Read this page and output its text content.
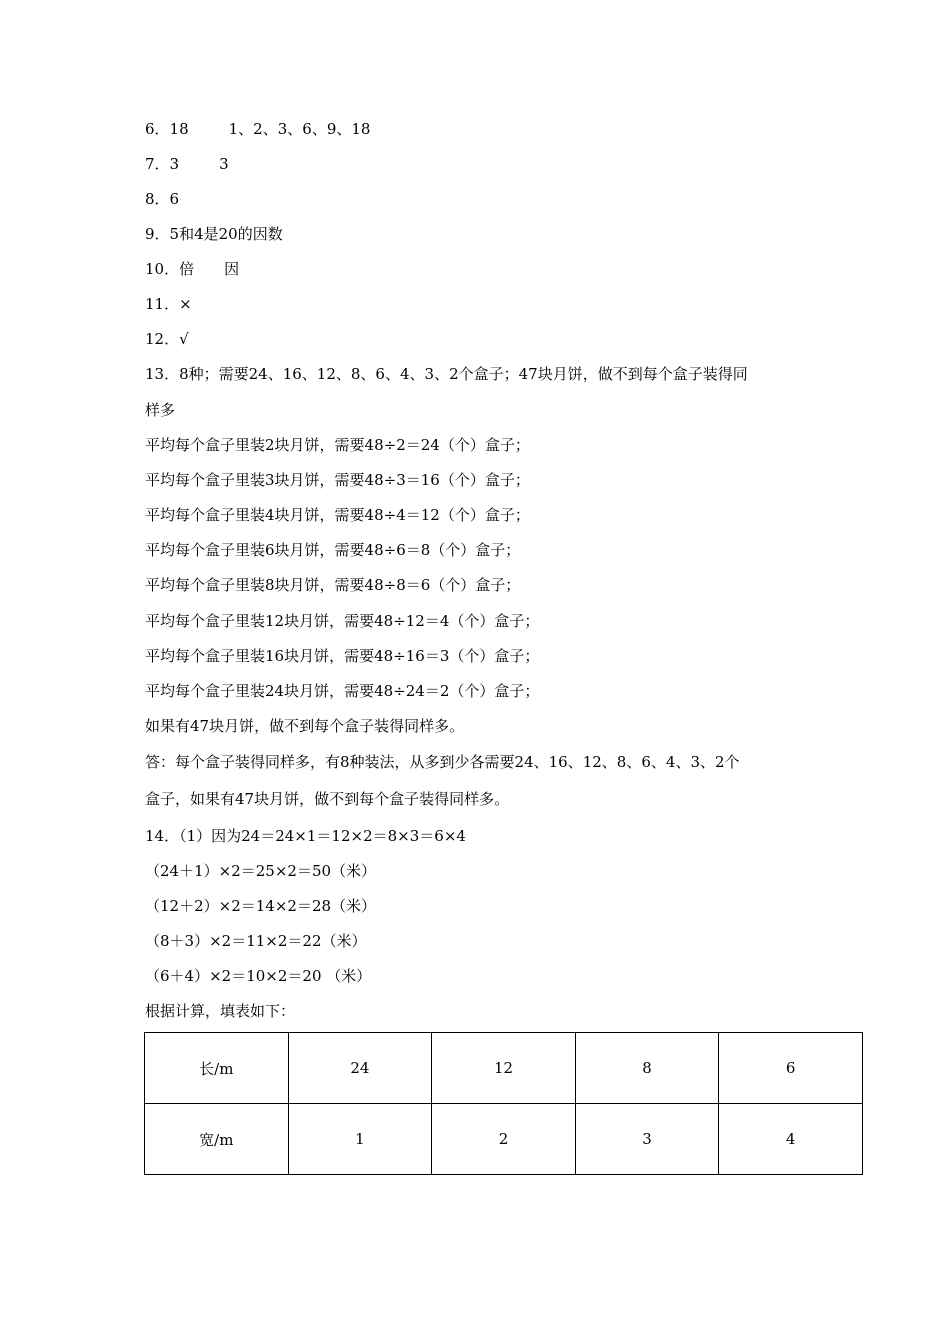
6．18	1、2、3、6、9、18
7．3	3
8．6
9．5和4是20的因数
10．倍 因
11．×
12．√
13．8种；需要24、16、12、8、6、4、3、2个盒子；47块月饼，做不到每个盒子装得同
样多
平均每个盒子里装2块月饼，需要48÷2＝24（个）盒子；
平均每个盒子里装3块月饼，需要48÷3＝16（个）盒子；
平均每个盒子里装4块月饼，需要48÷4＝12（个）盒子；
平均每个盒子里装6块月饼，需要48÷6＝8（个）盒子；
平均每个盒子里装8块月饼，需要48÷8＝6（个）盒子；
平均每个盒子里装12块月饼，需要48÷12＝4（个）盒子；
平均每个盒子里装16块月饼，需要48÷16＝3（个）盒子；
平均每个盒子里装24块月饼，需要48÷24＝2（个）盒子；
如果有47块月饼，做不到每个盒子装得同样多。
答：每个盒子装得同样多，有8种装法，从多到少各需要24、16、12、8、6、4、3、2个
盒子，如果有47块月饼，做不到每个盒子装得同样多。
14．（1）因为24＝24×1＝12×2＝8×3＝6×4
（24＋1）×2＝25×2＝50（米）
（12＋2）×2＝14×2＝28（米）
（8＋3）×2＝11×2＝22（米）
（6＋4）×2＝10×2＝20 （米）
根据计算，填表如下：
长/m	24	12	8	6
宽/m	1	2	3	4
